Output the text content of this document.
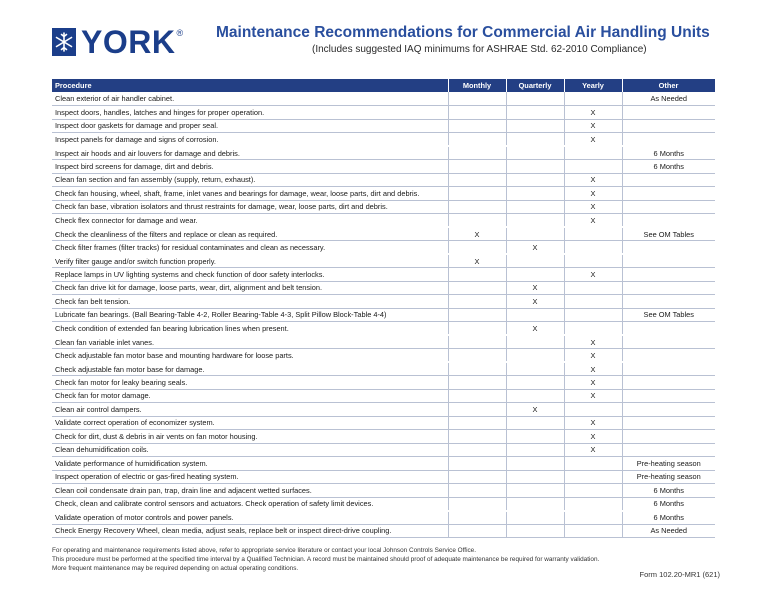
YORK ® Maintenance Recommendations for Commercial Air Handling Units
(Includes suggested IAQ minimums for ASHRAE Std. 62-2010 Compliance)
Procedure	Monthly	Quarterly	Yearly	Other
Clean exterior of air handler cabinet.				As Needed
Inspect doors, handles, latches and hinges for proper operation.			X	
Inspect door gaskets for damage and proper seal.			X	
Inspect panels for damage and signs of corrosion.			X	
Inspect air hoods and air louvers for damage and debris.				6 Months
Inspect bird screens for damage, dirt and debris.				6 Months
Clean fan section and fan assembly (supply, return, exhaust).			X	
Check fan housing, wheel, shaft, frame, inlet vanes and bearings for damage, wear, loose parts, dirt and debris.			X	
Check fan base, vibration isolators and thrust restraints for damage, wear, loose parts, dirt and debris.			X	
Check flex connector for damage and wear.			X	
Check the cleanliness of the filters and replace or clean as required.	X			See OM Tables
Check filter frames (filter tracks) for residual contaminates and clean as necessary.		X		
Verify filter gauge and/or switch function properly.	X			
Replace lamps in UV lighting systems and check function of door safety interlocks.			X	
Check fan drive kit for damage, loose parts, wear, dirt, alignment and belt tension.		X		
Check fan belt tension.		X		
Lubricate fan bearings. (Ball Bearing-Table 4-2, Roller Bearing-Table 4-3, Split Pillow Block-Table 4-4)				See OM Tables
Check condition of extended fan bearing lubrication lines when present.		X		
Clean fan variable inlet vanes.			X	
Check adjustable fan motor base and mounting hardware for loose parts.			X	
Check adjustable fan motor base for damage.			X	
Check fan motor for leaky bearing seals.			X	
Check fan for motor damage.			X	
Clean air control dampers.		X		
Validate correct operation of economizer system.			X	
Check for dirt, dust & debris in air vents on fan motor housing.			X	
Clean dehumidification coils.			X	
Validate performance of humidification system.				Pre-heating season
Inspect operation of electric or gas-fired heating system.				Pre-heating season
Clean coil condensate drain pan, trap, drain line and adjacent wetted surfaces.				6 Months
Check, clean and calibrate control sensors and actuators. Check operation of safety limit devices.				6 Months
Validate operation of motor controls and power panels.				6 Months
Check Energy Recovery Wheel, clean media, adjust seals, replace belt or inspect direct-drive coupling.				As Needed
For operating and maintenance requirements listed above, refer to appropriate service literature or contact your local Johnson Controls Service Office.
This procedure must be performed at the specified time interval by a Qualified Technician. A record must be maintained should proof of adequate maintenance be required for warranty validation.
More frequent maintenance may be required depending on actual operating conditions.
Form 102.20-MR1 (621)
